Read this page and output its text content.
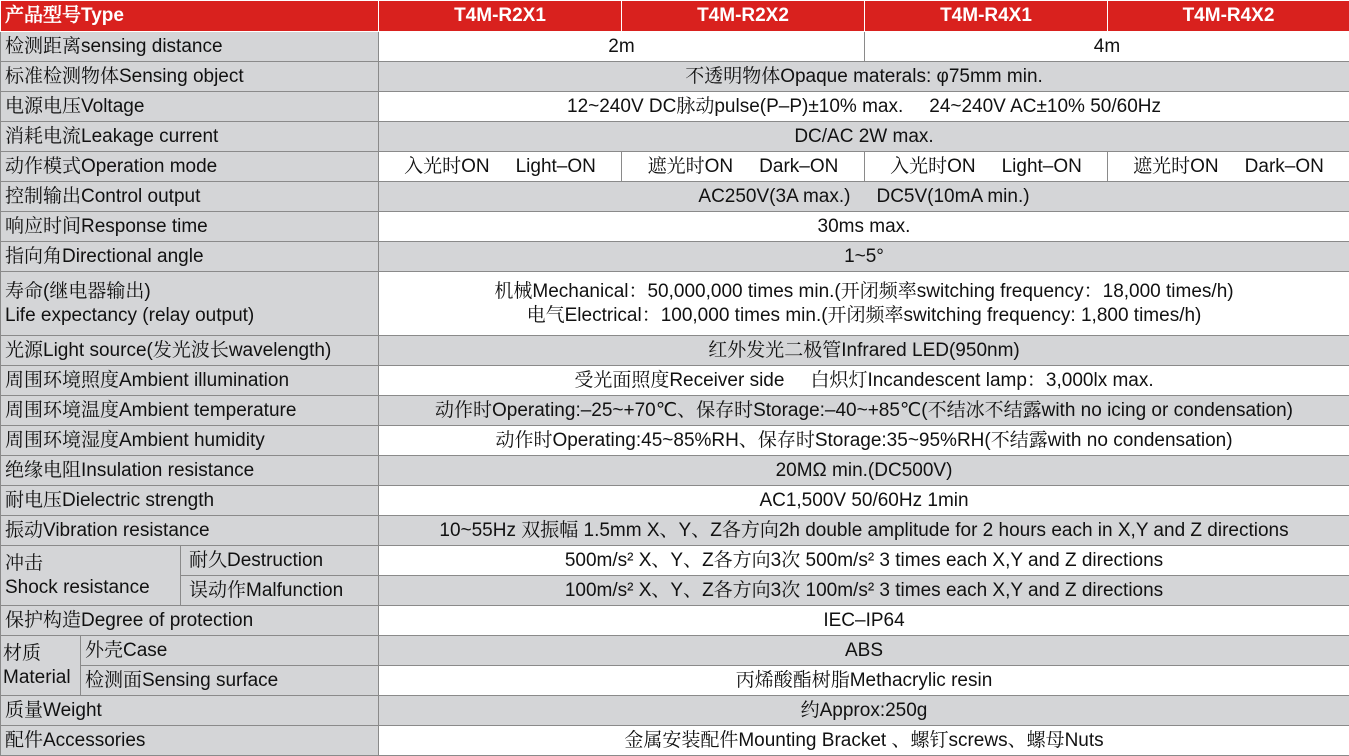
产品型号Type			T4M-R2X1	T4M-R2X2	T4M-R4X1	T4M-R4X2
检测距离sensing distance			2m		4m	
标准检测物体Sensing object			不透明物体Opaque materals: φ75mm min.			
电源电压Voltage			12~240V DC脉动pulse(P–P)±10% max. 24~240V AC±10% 50/60Hz			
消耗电流Leakage current			DC/AC 2W max.			
动作模式Operation mode			入光时ON Light–ON	遮光时ON Dark–ON	入光时ON Light–ON	遮光时ON Dark–ON
控制输出Control output			AC250V(3A max.) DC5V(10mA min.)			
响应时间Response time			30ms max.			
指向角Directional angle			1~5°			

寿命(继电器输出)
Life expectancy (relay output)			机械Mechanical：50,000,000 times min.(开闭频率switching frequency：18,000 times/h)
电气Electrical：100,000 times min.(开闭频率switching frequency: 1,800 times/h)			

光源Light source(发光波长wavelength)			红外发光二极管Infrared LED(950nm)			
周围环境照度Ambient illumination			受光面照度Receiver side 白炽灯Incandescent lamp：3,000lx max.			
周围环境温度Ambient temperature			动作时Operating:–25~+70℃、保存时Storage:–40~+85℃(不结冰不结露with no icing or condensation)			
周围环境湿度Ambient humidity			动作时Operating:45~85%RH、保存时Storage:35~95%RH(不结露with no condensation)			
绝缘电阻Insulation resistance			20MΩ min.(DC500V)			
耐电压Dielectric strength			AC1,500V 50/60Hz 1min			
振动Vibration resistance			10~55Hz 双振幅 1.5mm X、Y、Z各方向2h double amplitude for 2 hours each in X,Y and Z directions			

冲击
Shock resistance		耐久Destruction	500m/s² X、Y、Z各方向3次 500m/s² 3 times each X,Y and Z directions			
		误动作Malfunction	100m/s² X、Y、Z各方向3次 100m/s² 3 times each X,Y and Z directions			
保护构造Degree of protection			IEC–IP64			

材质
Material	外壳Case		ABS			
	检测面Sensing surface		丙烯酸酯树脂Methacrylic resin			
质量Weight			约Approx:250g			
配件Accessories			金属安装配件Mounting Bracket 、螺钉screws、螺母Nuts			
